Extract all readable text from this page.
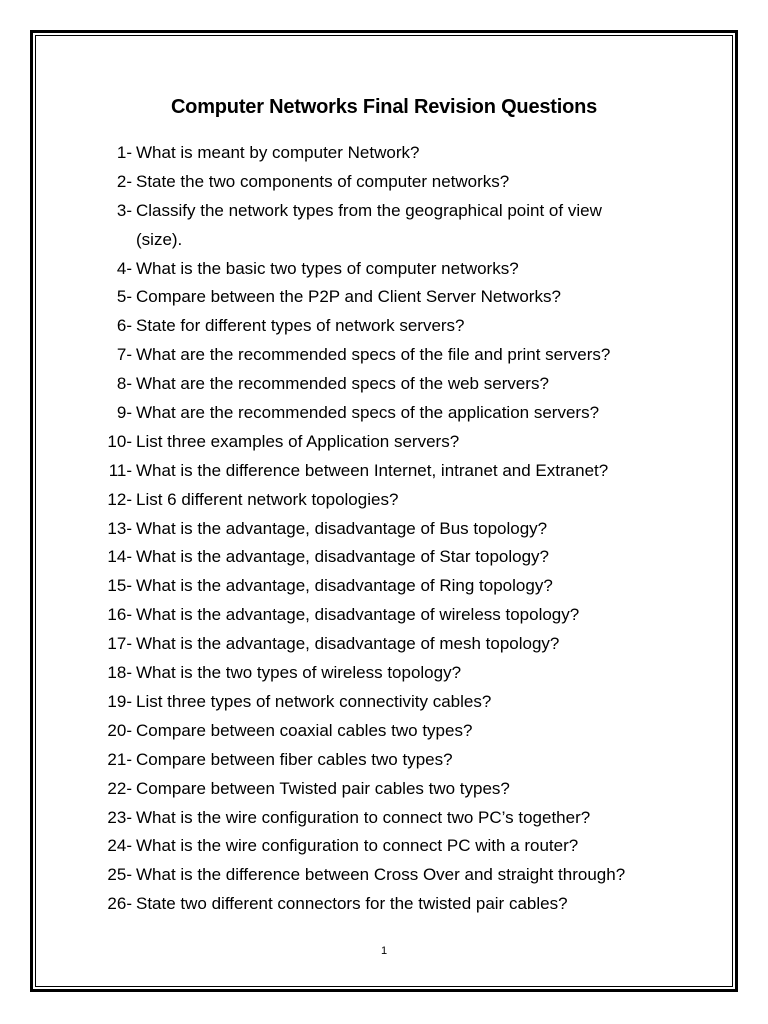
Computer Networks Final Revision Questions
1- What is meant by computer Network?
2- State the two components of computer networks?
3- Classify the network types from the geographical point of view
(size).
4- What is the basic two types of computer networks?
5- Compare between the P2P and Client Server Networks?
6- State for different types of network servers?
7- What are the recommended specs of the file and print servers?
8- What are the recommended specs of the web servers?
9- What are the recommended specs of the application servers?
10- List three examples of Application servers?
11- What is the difference between Internet, intranet and Extranet?
12- List 6 different network topologies?
13- What is the advantage, disadvantage of Bus topology?
14- What is the advantage, disadvantage of Star topology?
15- What is the advantage, disadvantage of Ring topology?
16- What is the advantage, disadvantage of wireless topology?
17- What is the advantage, disadvantage of mesh topology?
18- What is the two types of wireless topology?
19- List three types of network connectivity cables?
20- Compare between coaxial cables two types?
21- Compare between fiber cables two types?
22- Compare between Twisted pair cables two types?
23- What is the wire configuration to connect two PC’s together?
24- What is the wire configuration to connect PC with a router?
25- What is the difference between Cross Over and straight through?
26- State two different connectors for the twisted pair cables?
1
